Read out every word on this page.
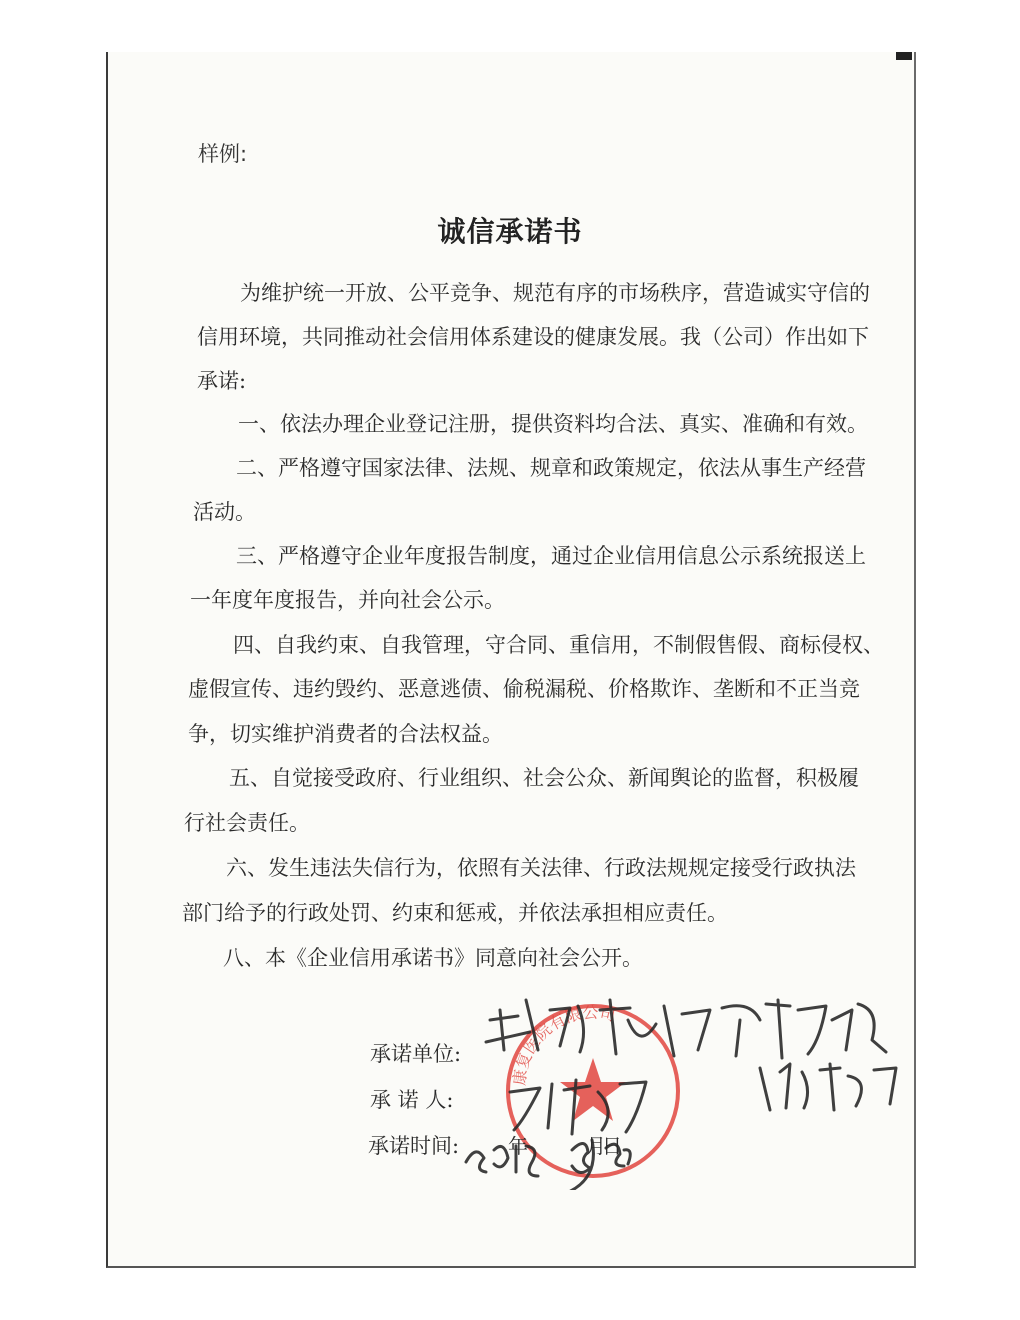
样例:
诚信承诺书
为维护统一开放、公平竞争、规范有序的市场秩序，营造诚实守信的
信用环境，共同推动社会信用体系建设的健康发展。我（公司）作出如下
承诺:
一、依法办理企业登记注册，提供资料均合法、真实、准确和有效。
二、严格遵守国家法律、法规、规章和政策规定，依法从事生产经营
活动。
三、严格遵守企业年度报告制度，通过企业信用信息公示系统报送上
一年度年度报告，并向社会公示。
四、自我约束、自我管理，守合同、重信用，不制假售假、商标侵权、
虚假宣传、违约毁约、恶意逃债、偷税漏税、价格欺诈、垄断和不正当竞
争，切实维护消费者的合法权益。
五、自觉接受政府、行业组织、社会公众、新闻舆论的监督，积极履
行社会责任。
六、发生违法失信行为，依照有关法律、行政法规规定接受行政执法
部门给予的行政处罚、约束和惩戒，并依法承担相应责任。
八、本《企业信用承诺书》同意向社会公开。
承诺单位:
承 诺 人:
承诺时间:
康复医院有限公司
年	月
日
